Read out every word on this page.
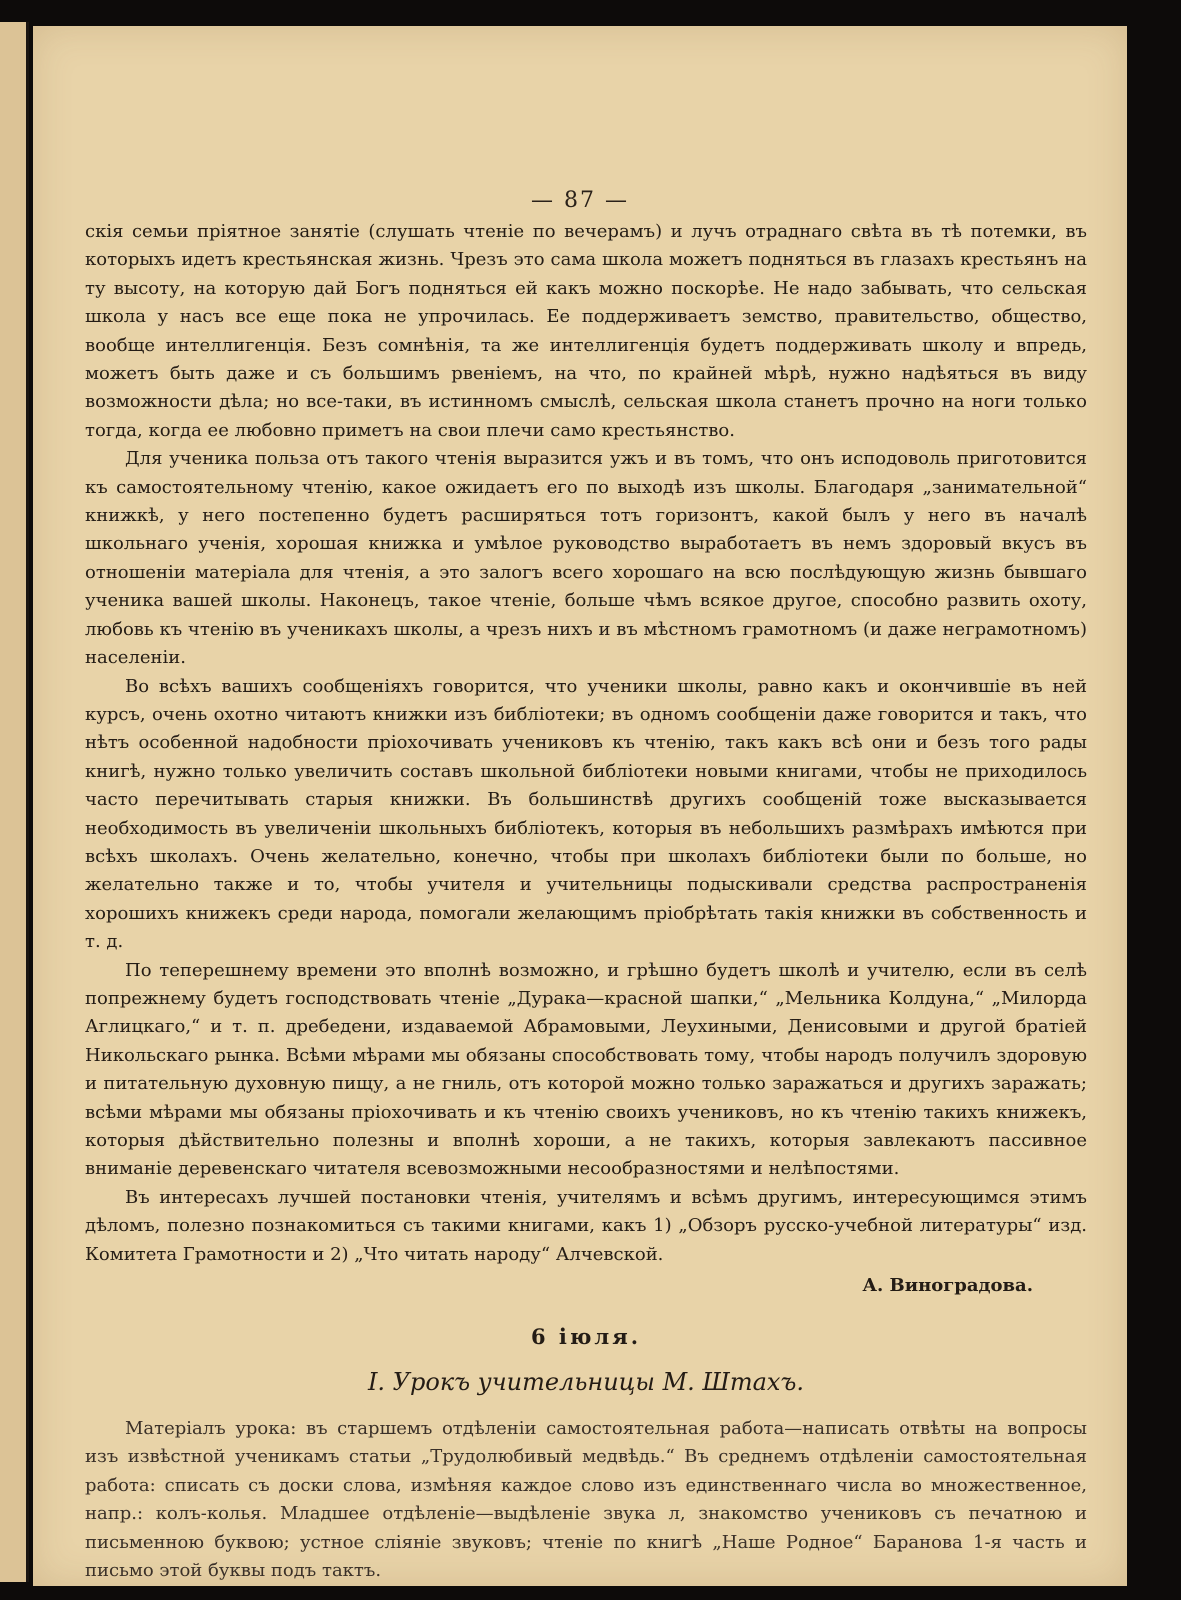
— 87 —

скія семьи пріятное занятіе (слушать чтеніе по вечерамъ) и лучъ отраднаго свѣта въ тѣ потемки, въ которыхъ идетъ крестьянская жизнь. Чрезъ это сама школа можетъ подняться въ глазахъ крестьянъ на ту высоту, на которую дай Богъ подняться ей какъ можно поскорѣе. Не надо забывать, что сельская школа у насъ все еще пока не упрочилась. Ее поддерживаетъ земство, правительство, общество, вообще интеллигенція. Безъ сомнѣнія, та же интеллигенція будетъ поддерживать школу и впредь, можетъ быть даже и съ большимъ рвеніемъ, на что, по крайней мѣрѣ, нужно надѣяться въ виду возможности дѣла; но все-таки, въ истинномъ смыслѣ, сельская школа станетъ прочно на ноги только тогда, когда ее любовно приметъ на свои плечи само крестьянство.

Для ученика польза отъ такого чтенія выразится ужъ и въ томъ, что онъ исподоволь приготовится къ самостоятельному чтенію, какое ожидаетъ его по выходѣ изъ школы. Благодаря „занимательной“ книжкѣ, у него постепенно будетъ расширяться тотъ горизонтъ, какой былъ у него въ началѣ школьнаго ученія, хорошая книжка и умѣлое руководство выработаетъ въ немъ здоровый вкусъ въ отношеніи матеріала для чтенія, а это залогъ всего хорошаго на всю послѣдующую жизнь бывшаго ученика вашей школы. Наконецъ, такое чтеніе, больше чѣмъ всякое другое, способно развить охоту, любовь къ чтенію въ ученикахъ школы, а чрезъ нихъ и въ мѣстномъ грамотномъ (и даже неграмотномъ) населеніи.

Во всѣхъ вашихъ сообщеніяхъ говорится, что ученики школы, равно какъ и окончившіе въ ней курсъ, очень охотно читаютъ книжки изъ библіотеки; въ одномъ сообщеніи даже говорится и такъ, что нѣтъ особенной надобности пріохочивать учениковъ къ чтенію, такъ какъ всѣ они и безъ того рады книгѣ, нужно только увеличить составъ школьной библіотеки новыми книгами, чтобы не приходилось часто перечитывать старыя книжки. Въ большинствѣ другихъ сообщеній тоже высказывается необходимость въ увеличеніи школьныхъ библіотекъ, которыя въ небольшихъ размѣрахъ имѣются при всѣхъ школахъ. Очень желательно, конечно, чтобы при школахъ библіотеки были по больше, но желательно также и то, чтобы учителя и учительницы подыскивали средства распространенія хорошихъ книжекъ среди народа, помогали желающимъ пріобрѣтать такія книжки въ собственность и т. д.

По теперешнему времени это вполнѣ возможно, и грѣшно будетъ школѣ и учителю, если въ селѣ попрежнему будетъ господствовать чтеніе „Дурака—красной шапки,“ „Мельника Колдуна,“ „Милорда Аглицкаго,“ и т. п. дребедени, издаваемой Абрамовыми, Леухиными, Денисовыми и другой братіей Никольскаго рынка. Всѣми мѣрами мы обязаны способствовать тому, чтобы народъ получилъ здоровую и питательную духовную пищу, а не гниль, отъ которой можно только заражаться и другихъ заражать; всѣми мѣрами мы обязаны пріохочивать и къ чтенію своихъ учениковъ, но къ чтенію такихъ книжекъ, которыя дѣйствительно полезны и вполнѣ хороши, а не такихъ, которыя завлекаютъ пассивное вниманіе деревенскаго читателя всевозможными несообразностями и нелѣпостями.

Въ интересахъ лучшей постановки чтенія, учителямъ и всѣмъ другимъ, интересующимся этимъ дѣломъ, полезно познакомиться съ такими книгами, какъ 1) „Обзоръ русско-учебной литературы“ изд. Комитета Грамотности и 2) „Что читать народу“ Алчевской.

А. Виноградова.
6 іюля.
I. Урокъ учительницы М. Штахъ.

Матеріалъ урока: въ старшемъ отдѣленіи самостоятельная работа—написать отвѣты на вопросы изъ извѣстной ученикамъ статьи „Трудолюбивый медвѣдь.“ Въ среднемъ отдѣленіи самостоятельная работа: списать съ доски слова, измѣняя каждое слово изъ единственнаго числа во множественное, напр.: колъ-колья. Младшее отдѣленіе—выдѣленіе звука л, знакомство учениковъ съ печатною и письменною буквою; устное сліяніе звуковъ; чтеніе по книгѣ „Наше Родное“ Баранова 1-я часть и письмо этой буквы подъ тактъ.
